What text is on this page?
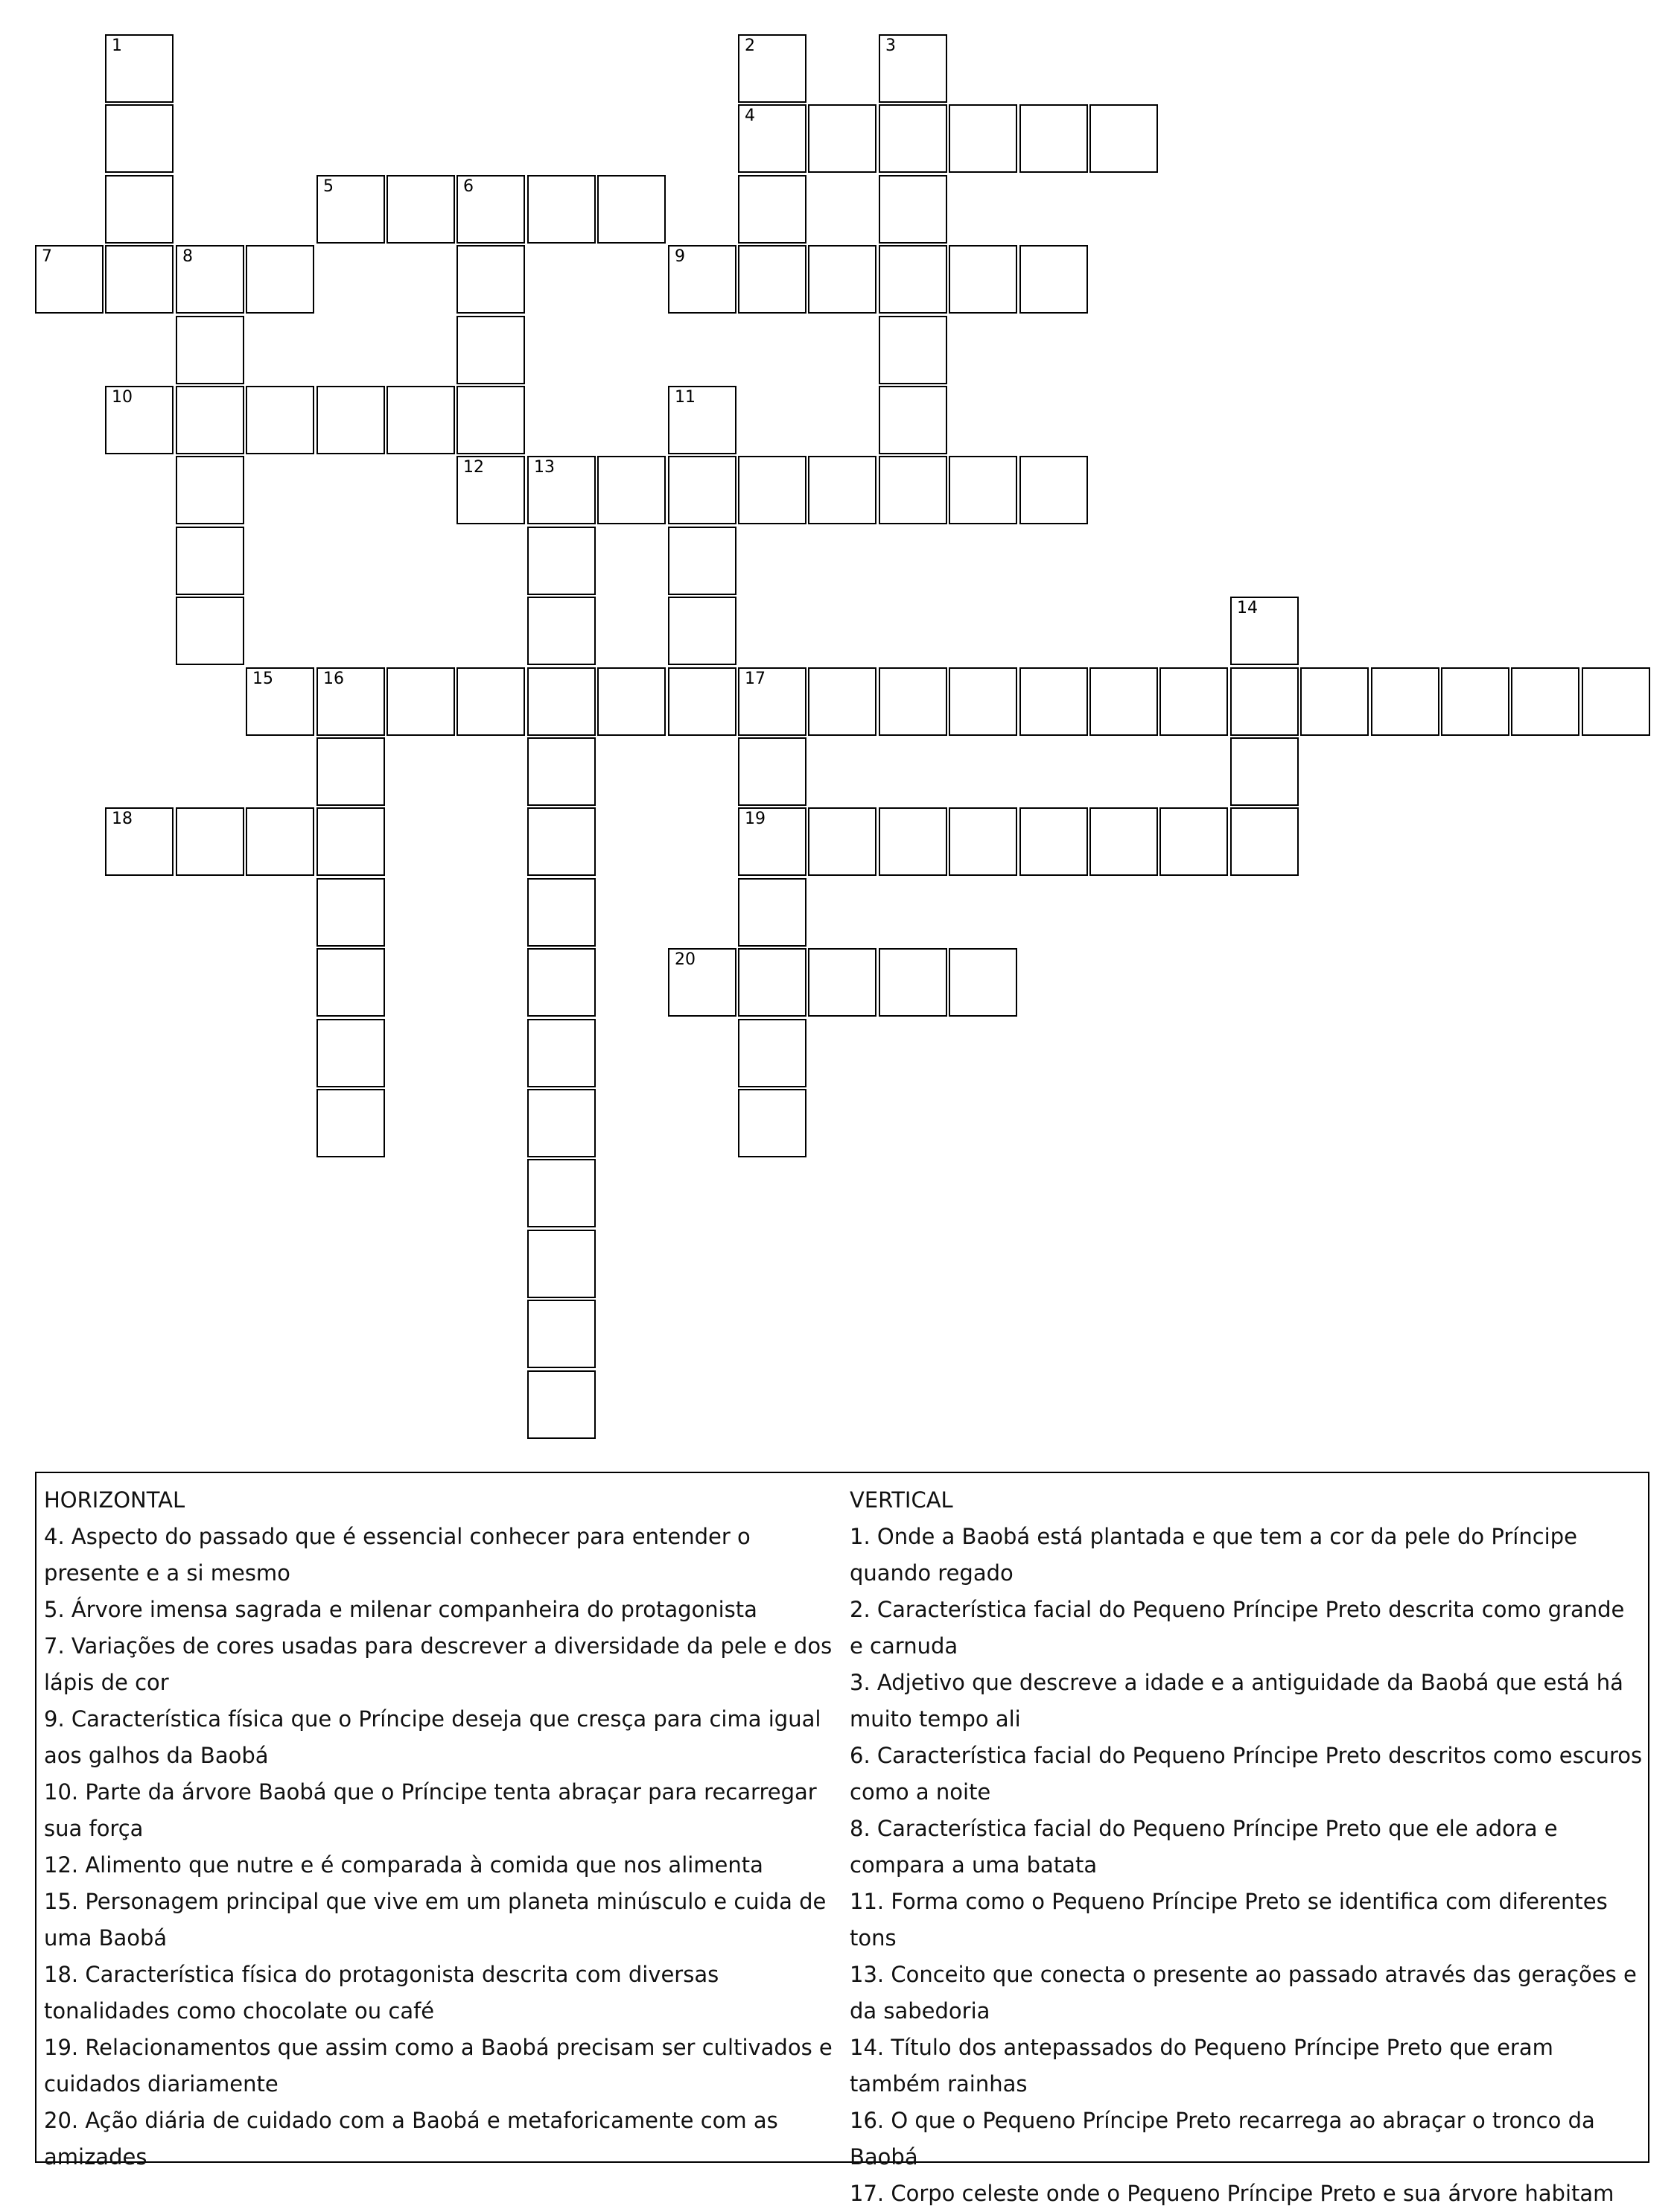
1	2
4
3
5	6
7	8	9
10	11
12	13
14
15	16	17
19
18
20
HORIZONTAL
4. Aspecto do passado que é essencial conhecer para entender o presente e a si mesmo
5. Árvore imensa sagrada e milenar companheira do protagonista
7. Variações de cores usadas para descrever a diversidade da pele e dos lápis de cor
9. Característica física que o Príncipe deseja que cresça para cima igual aos galhos da Baobá
10. Parte da árvore Baobá que o Príncipe tenta abraçar para recarregar sua força
12. Alimento que nutre e é comparada à comida que nos alimenta
15. Personagem principal que vive em um planeta minúsculo e cuida de uma Baobá
18. Característica física do protagonista descrita com diversas tonalidades como chocolate ou café
19. Relacionamentos que assim como a Baobá precisam ser cultivados e cuidados diariamente
20. Ação diária de cuidado com a Baobá e metaforicamente com as amizades
VERTICAL
1. Onde a Baobá está plantada e que tem a cor da pele do Príncipe quando regado
2. Característica facial do Pequeno Príncipe Preto descrita como grande e carnuda
3. Adjetivo que descreve a idade e a antiguidade da Baobá que está há muito tempo ali
6. Característica facial do Pequeno Príncipe Preto descritos como escuros como a noite
8. Característica facial do Pequeno Príncipe Preto que ele adora e compara a uma batata
11. Forma como o Pequeno Príncipe Preto se identifica com diferentes tons
13. Conceito que conecta o presente ao passado através das gerações e da sabedoria
14. Título dos antepassados do Pequeno Príncipe Preto que eram também rainhas
16. O que o Pequeno Príncipe Preto recarrega ao abraçar o tronco da Baobá
17. Corpo celeste onde o Pequeno Príncipe Preto e sua árvore habitam
